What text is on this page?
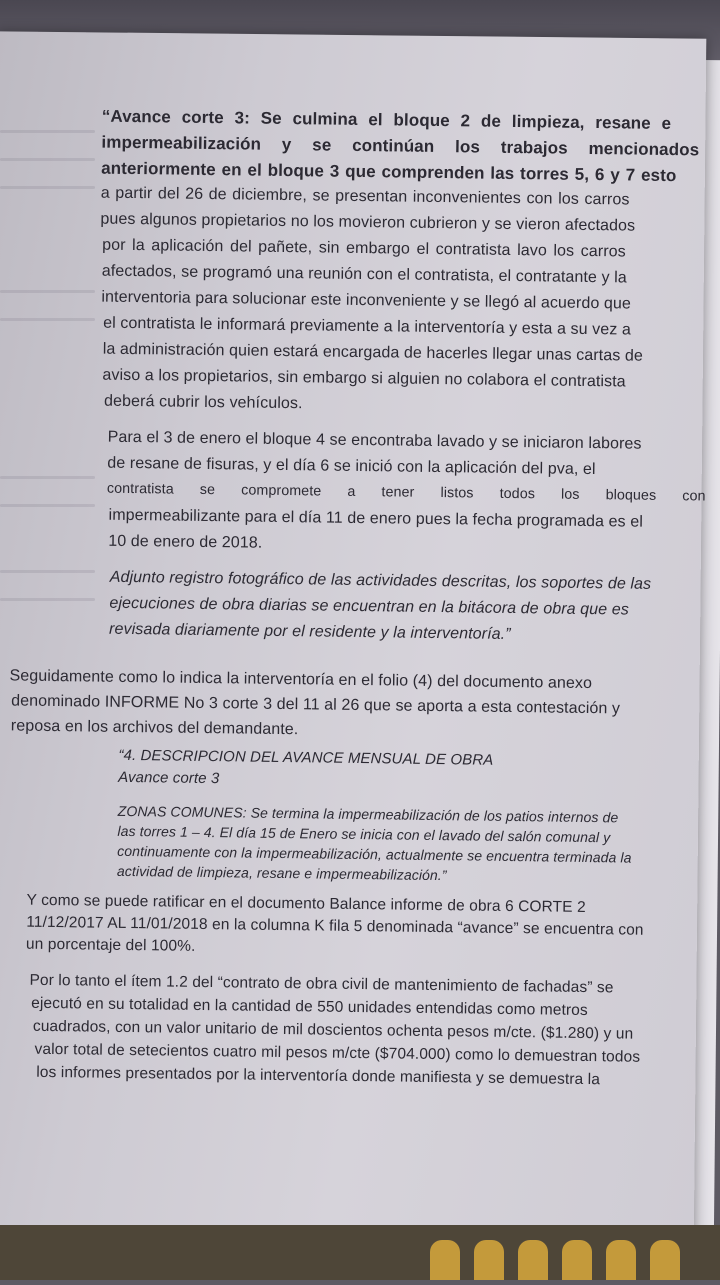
“Avance corte 3: Se culmina el bloque 2 de limpieza, resane e
impermeabilización y se continúan los trabajos mencionados
anteriormente en el bloque 3 que comprenden las torres 5, 6 y 7 esto
a partir del 26 de diciembre, se presentan inconvenientes con los carros
pues algunos propietarios no los movieron cubrieron y se vieron afectados
por la aplicación del pañete, sin embargo el contratista lavo los carros
afectados, se programó una reunión con el contratista, el contratante y la
interventoria para solucionar este inconveniente y se llegó al acuerdo que
el contratista le informará previamente a la interventoría y esta a su vez a
la administración quien estará encargada de hacerles llegar unas cartas de
aviso a los propietarios, sin embargo si alguien no colabora el contratista
deberá cubrir los vehículos.
Para el 3 de enero el bloque 4 se encontraba lavado y se iniciaron labores
de resane de fisuras, y el día 6 se inició con la aplicación del pva, el
contratista se compromete a tener listos todos los bloques con
impermeabilizante para el día 11 de enero pues la fecha programada es el
10 de enero de 2018.
Adjunto registro fotográfico de las actividades descritas, los soportes de las
ejecuciones de obra diarias se encuentran en la bitácora de obra que es
revisada diariamente por el residente y la interventoría.”
Seguidamente como lo indica la interventoría en el folio (4) del documento anexo
denominado INFORME No 3 corte 3 del 11 al 26 que se aporta a esta contestación y
reposa en los archivos del demandante.
“4. DESCRIPCION DEL AVANCE MENSUAL DE OBRA
Avance corte 3
ZONAS COMUNES: Se termina la impermeabilización de los patios internos de
las torres 1 – 4. El día 15 de Enero se inicia con el lavado del salón comunal y
continuamente con la impermeabilización, actualmente se encuentra terminada la
actividad de limpieza, resane e impermeabilización.”
Y como se puede ratificar en el documento Balance informe de obra 6 CORTE 2
11/12/2017 AL 11/01/2018 en la columna K fila 5 denominada “avance” se encuentra con
un porcentaje del 100%.
Por lo tanto el ítem 1.2 del “contrato de obra civil de mantenimiento de fachadas” se
ejecutó en su totalidad en la cantidad de 550 unidades entendidas como metros
cuadrados, con un valor unitario de mil doscientos ochenta pesos m/cte. ($1.280) y un
valor total de setecientos cuatro mil pesos m/cte ($704.000) como lo demuestran todos
los informes presentados por la interventoría donde manifiesta y se demuestra la
